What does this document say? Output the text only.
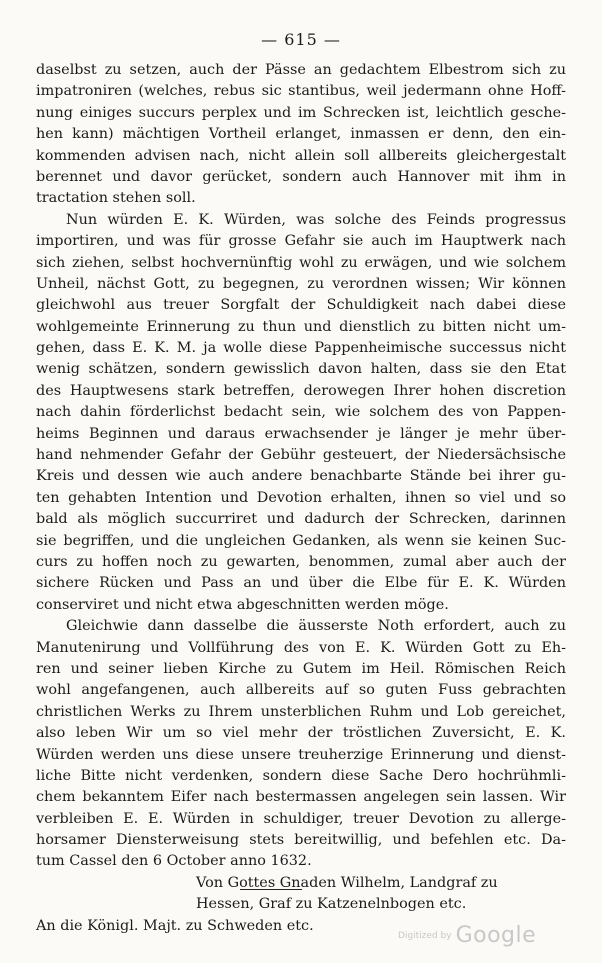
— 615 —
daselbst zu setzen, auch der Pässe an gedachtem Elbestrom sich zu
impatroniren (welches, rebus sic stantibus, weil jedermann ohne Hoff-
nung einiges succurs perplex und im Schrecken ist, leichtlich gesche-
hen kann) mächtigen Vortheil erlanget, inmassen er denn, den ein-
kommenden advisen nach, nicht allein soll allbereits gleichergestalt
berennet und davor gerücket, sondern auch Hannover mit ihm in
tractation stehen soll.
Nun würden E. K. Würden, was solche des Feinds progressus
importiren, und was für grosse Gefahr sie auch im Hauptwerk nach
sich ziehen, selbst hochvernünftig wohl zu erwägen, und wie solchem
Unheil, nächst Gott, zu begegnen, zu verordnen wissen; Wir können
gleichwohl aus treuer Sorgfalt der Schuldigkeit nach dabei diese
wohlgemeinte Erinnerung zu thun und dienstlich zu bitten nicht um-
gehen, dass E. K. M. ja wolle diese Pappenheimische successus nicht
wenig schätzen, sondern gewisslich davon halten, dass sie den Etat
des Hauptwesens stark betreffen, derowegen Ihrer hohen discretion
nach dahin förderlichst bedacht sein, wie solchem des von Pappen-
heims Beginnen und daraus erwachsender je länger je mehr über-
hand nehmender Gefahr der Gebühr gesteuert, der Niedersächsische
Kreis und dessen wie auch andere benachbarte Stände bei ihrer gu-
ten gehabten Intention und Devotion erhalten, ihnen so viel und so
bald als möglich succurriret und dadurch der Schrecken, darinnen
sie begriffen, und die ungleichen Gedanken, als wenn sie keinen Suc-
curs zu hoffen noch zu gewarten, benommen, zumal aber auch der
sichere Rücken und Pass an und über die Elbe für E. K. Würden
conserviret und nicht etwa abgeschnitten werden möge.
Gleichwie dann dasselbe die äusserste Noth erfordert, auch zu
Manutenirung und Vollführung des von E. K. Würden Gott zu Eh-
ren und seiner lieben Kirche zu Gutem im Heil. Römischen Reich
wohl angefangenen, auch allbereits auf so guten Fuss gebrachten
christlichen Werks zu Ihrem unsterblichen Ruhm und Lob gereichet,
also leben Wir um so viel mehr der tröstlichen Zuversicht, E. K.
Würden werden uns diese unsere treuherzige Erinnerung und dienst-
liche Bitte nicht verdenken, sondern diese Sache Dero hochrühmli-
chem bekanntem Eifer nach bestermassen angelegen sein lassen. Wir
verbleiben E. E. Würden in schuldiger, treuer Devotion zu allerge-
horsamer Diensterweisung stets bereitwillig, und befehlen etc. Da-
tum Cassel den 6 October anno 1632.
Von Gottes Gnaden Wilhelm, Landgraf zu
Hessen, Graf zu Katzenelnbogen etc.
An die Königl. Majt. zu Schweden etc.
Digitized by Google
